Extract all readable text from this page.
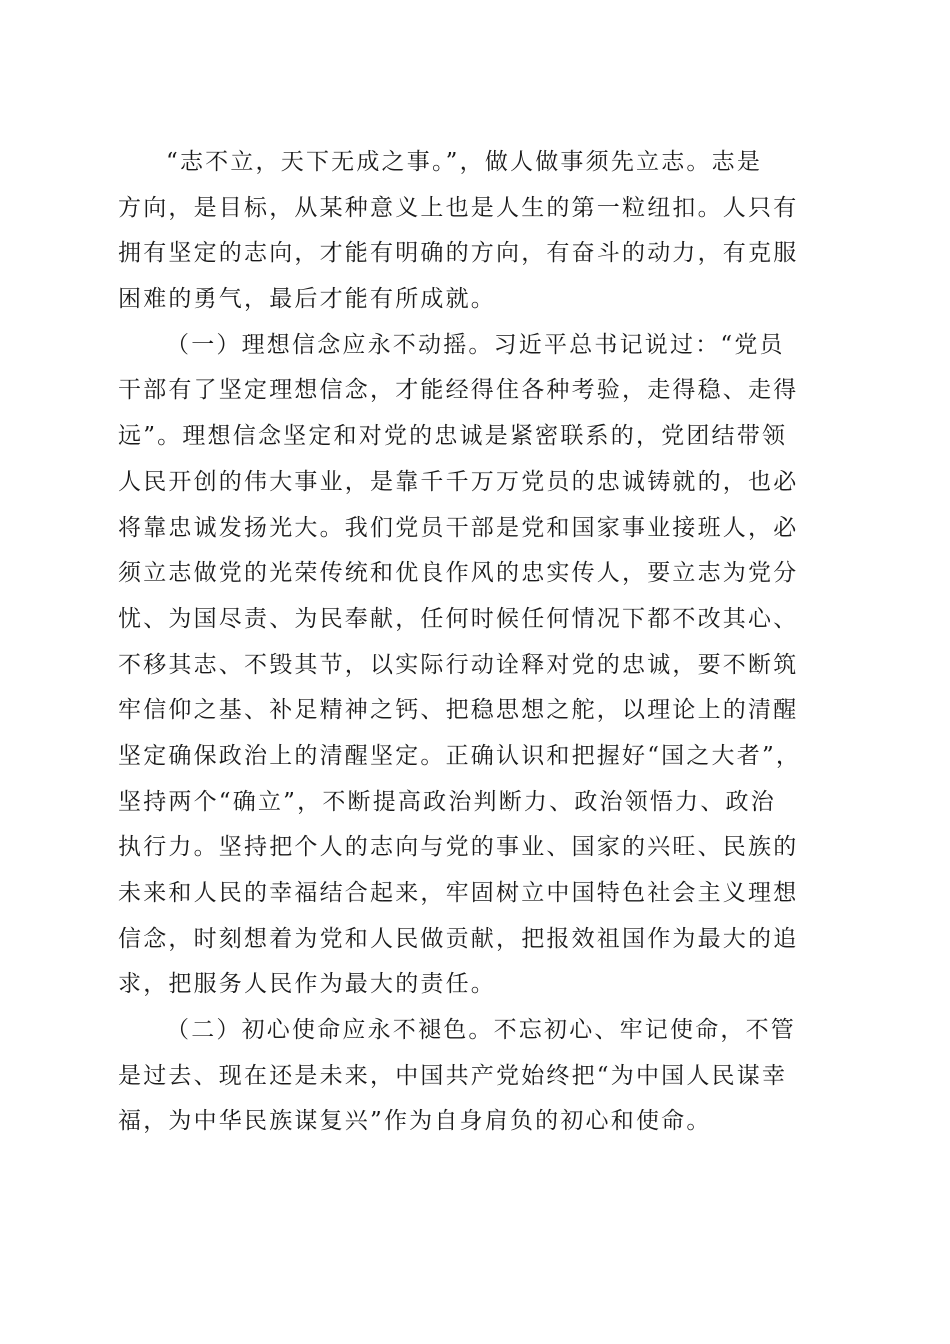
“志不立，天下无成之事。”，做人做事须先立志。志是
方向，是目标，从某种意义上也是人生的第一粒纽扣。人只有
拥有坚定的志向，才能有明确的方向，有奋斗的动力，有克服
困难的勇气，最后才能有所成就。
（一）理想信念应永不动摇。习近平总书记说过：“党员
干部有了坚定理想信念，才能经得住各种考验，走得稳、走得
远”。理想信念坚定和对党的忠诚是紧密联系的，党团结带领
人民开创的伟大事业，是靠千千万万党员的忠诚铸就的，也必
将靠忠诚发扬光大。我们党员干部是党和国家事业接班人，必
须立志做党的光荣传统和优良作风的忠实传人，要立志为党分
忧、为国尽责、为民奉献，任何时候任何情况下都不改其心、
不移其志、不毁其节，以实际行动诠释对党的忠诚，要不断筑
牢信仰之基、补足精神之钙、把稳思想之舵，以理论上的清醒
坚定确保政治上的清醒坚定。正确认识和把握好“国之大者”，
坚持两个“确立”，不断提高政治判断力、政治领悟力、政治
执行力。坚持把个人的志向与党的事业、国家的兴旺、民族的
未来和人民的幸福结合起来，牢固树立中国特色社会主义理想
信念，时刻想着为党和人民做贡献，把报效祖国作为最大的追
求，把服务人民作为最大的责任。
（二）初心使命应永不褪色。不忘初心、牢记使命，不管
是过去、现在还是未来，中国共产党始终把“为中国人民谋幸
福，为中华民族谋复兴”作为自身肩负的初心和使命。
